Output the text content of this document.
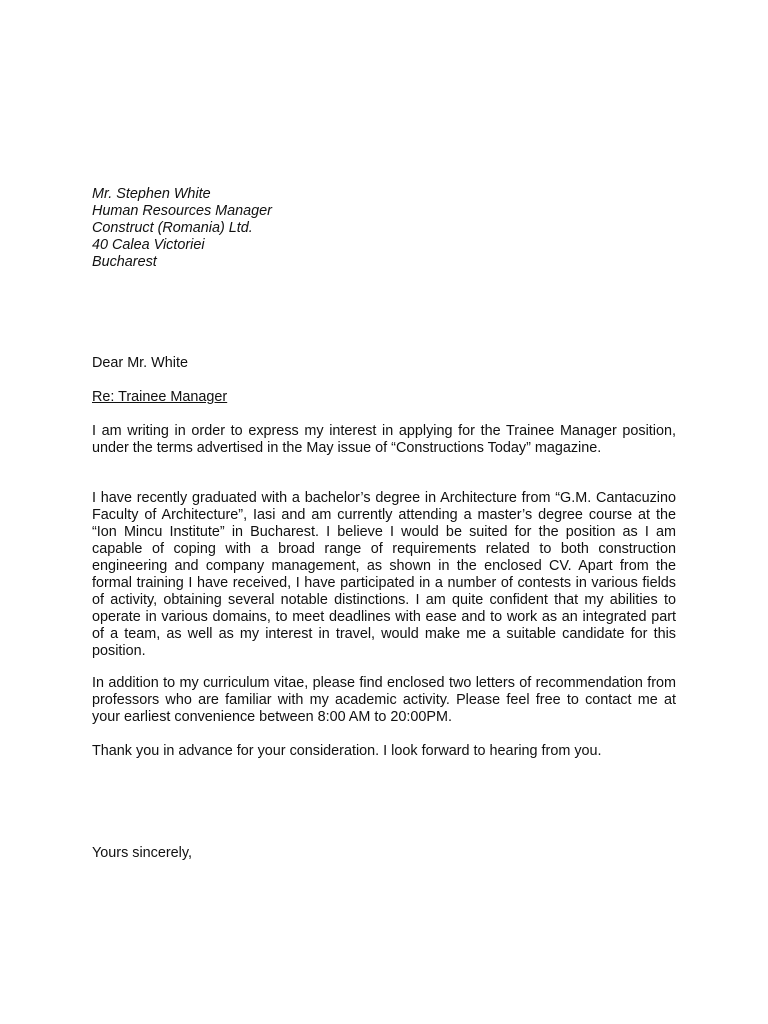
Mr. Stephen White
Human Resources Manager
Construct (Romania) Ltd.
40 Calea Victoriei
Bucharest
Dear Mr. White
Re: Trainee Manager
I am writing in order to express my interest in applying for the Trainee Manager position, under the terms advertised in the May issue of “Constructions Today” magazine.
I have recently graduated with a bachelor’s degree in Architecture from “G.M. Cantacuzino Faculty of Architecture”, Iasi and am currently attending a master’s degree course at the “Ion Mincu Institute” in Bucharest. I believe I would be suited for the position as I am capable of coping with a broad range of requirements related to both construction engineering and company management, as shown in the enclosed CV. Apart from the formal training I have received, I have participated in a number of contests in various fields of activity, obtaining several notable distinctions. I am quite confident that my abilities to operate in various domains, to meet deadlines with ease and to work as an integrated part of a team, as well as my interest in travel, would make me a suitable candidate for this position.
In addition to my curriculum vitae, please find enclosed two letters of recommendation from professors who are familiar with my academic activity. Please feel free to contact me at your earliest convenience between 8:00 AM to 20:00PM.
Thank you in advance for your consideration. I look forward to hearing from you.
Yours sincerely,
